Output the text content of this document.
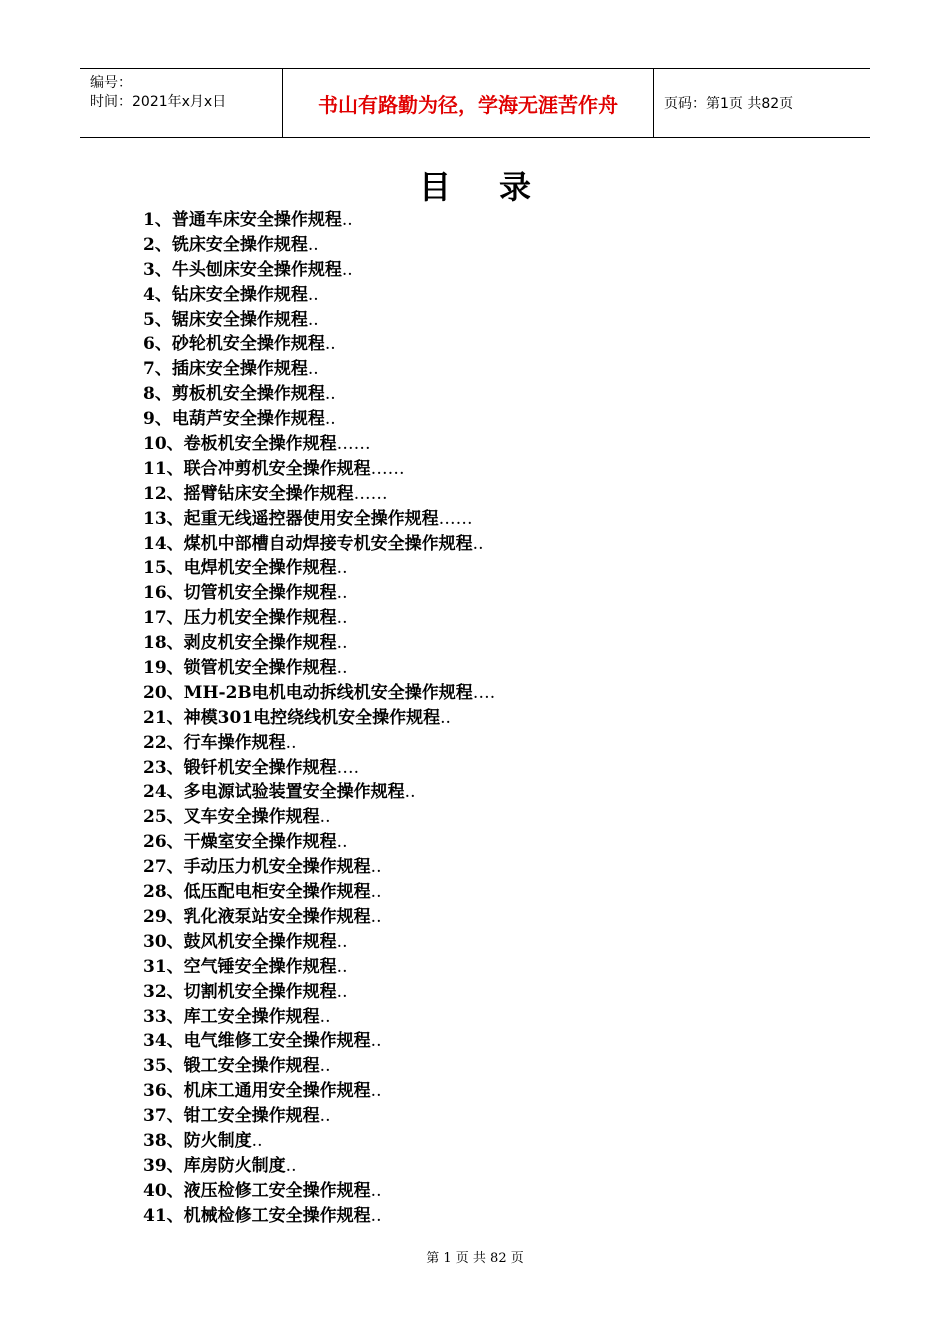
编号：
时间：2021年x月x日	书山有路勤为径，学海无涯苦作舟	页码：第1页 共82页
目录
1、普通车床安全操作规程..
2、铣床安全操作规程..
3、牛头刨床安全操作规程..
4、钻床安全操作规程..
5、锯床安全操作规程..
6、砂轮机安全操作规程..
7、插床安全操作规程..
8、剪板机安全操作规程..
9、电葫芦安全操作规程..
10、卷板机安全操作规程……
11、联合冲剪机安全操作规程……
12、摇臂钻床安全操作规程……
13、起重无线遥控器使用安全操作规程……
14、煤机中部槽自动焊接专机安全操作规程..
15、电焊机安全操作规程..
16、切管机安全操作规程..
17、压力机安全操作规程..
18、剥皮机安全操作规程..
19、锁管机安全操作规程..
20、MH-2B电机电动拆线机安全操作规程….
21、神模301电控绕线机安全操作规程..
22、行车操作规程..
23、锻钎机安全操作规程….
24、多电源试验装置安全操作规程..
25、叉车安全操作规程..
26、干燥室安全操作规程..
27、手动压力机安全操作规程..
28、低压配电柜安全操作规程..
29、乳化液泵站安全操作规程..
30、鼓风机安全操作规程..
31、空气锤安全操作规程..
32、切割机安全操作规程..
33、库工安全操作规程..
34、电气维修工安全操作规程..
35、锻工安全操作规程..
36、机床工通用安全操作规程..
37、钳工安全操作规程..
38、防火制度..
39、库房防火制度..
40、液压检修工安全操作规程..
41、机械检修工安全操作规程..
第 1 页 共 82 页
